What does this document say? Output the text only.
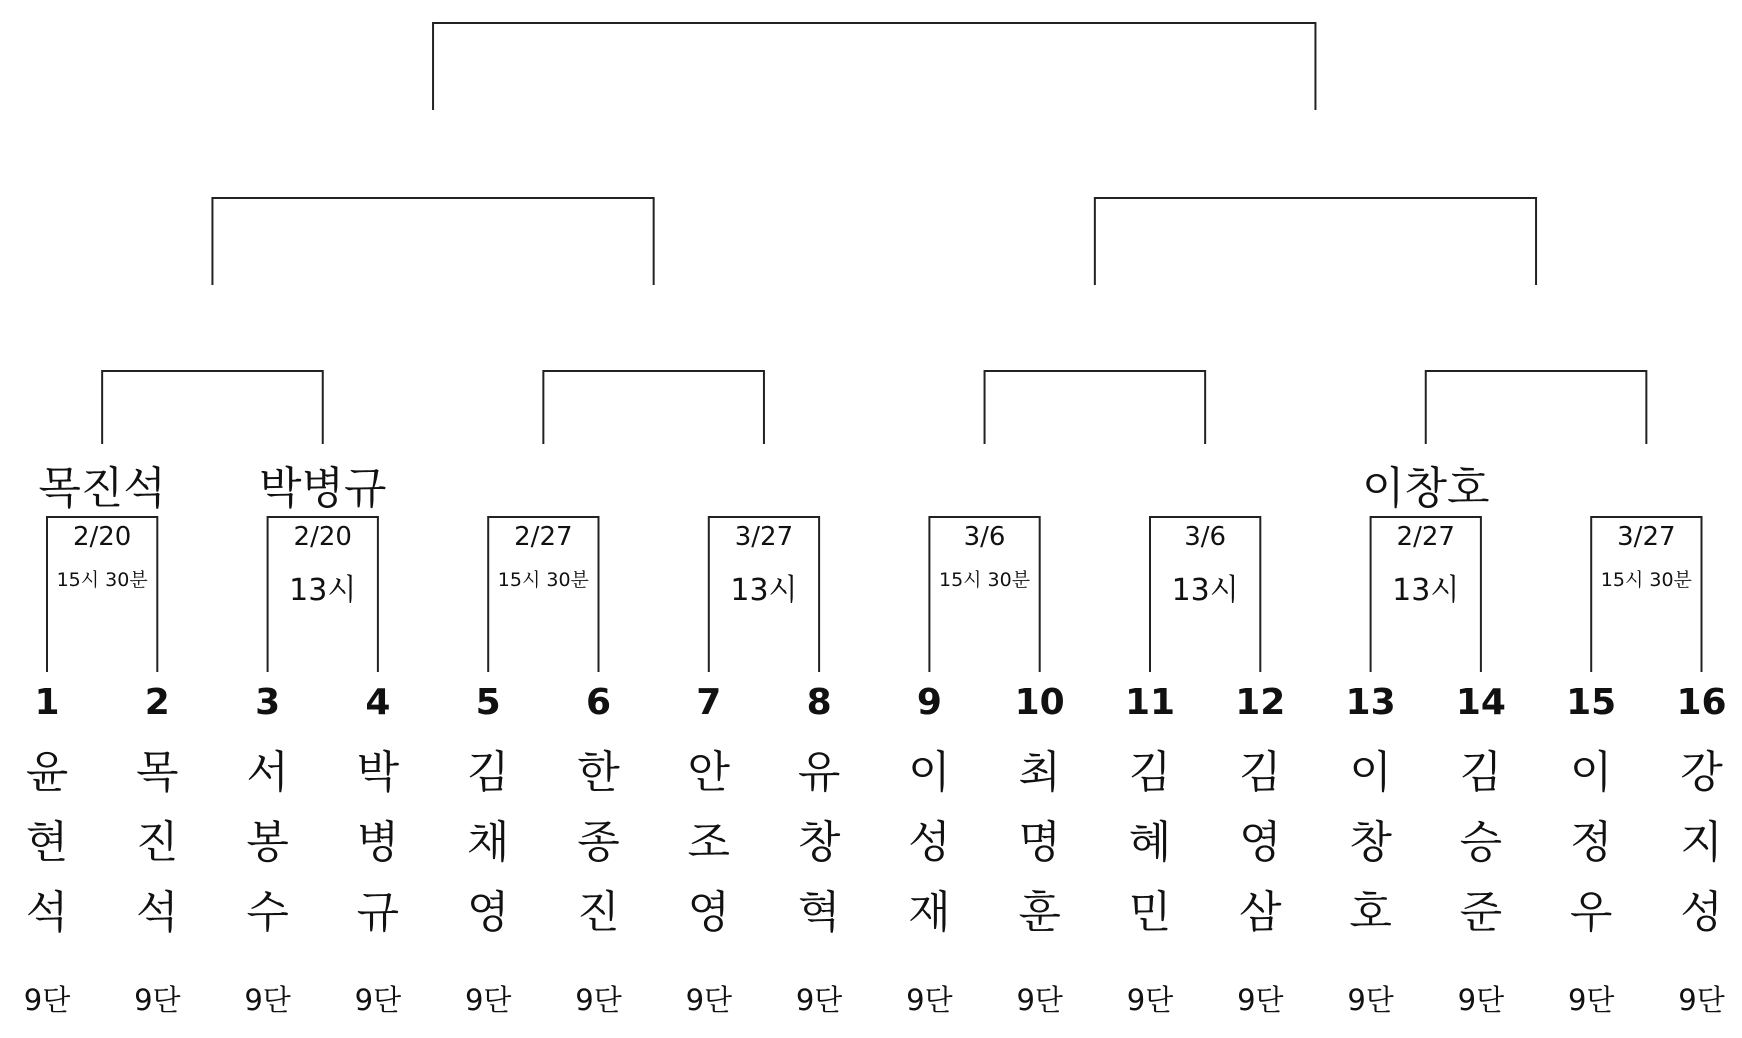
2/20
15시 30분
목진석
2/20
13시
박병규
2/27
15시 30분
3/27
13시
3/6
15시 30분
3/6
13시
2/27
13시
이창호
3/27
15시 30분
1
윤
현
석
9단
2
목
진
석
9단
3
서
봉
수
9단
4
박
병
규
9단
5
김
채
영
9단
6
한
종
진
9단
7
안
조
영
9단
8
유
창
혁
9단
9
이
성
재
9단
10
최
명
훈
9단
11
김
혜
민
9단
12
김
영
삼
9단
13
이
창
호
9단
14
김
승
준
9단
15
이
정
우
9단
16
강
지
성
9단
